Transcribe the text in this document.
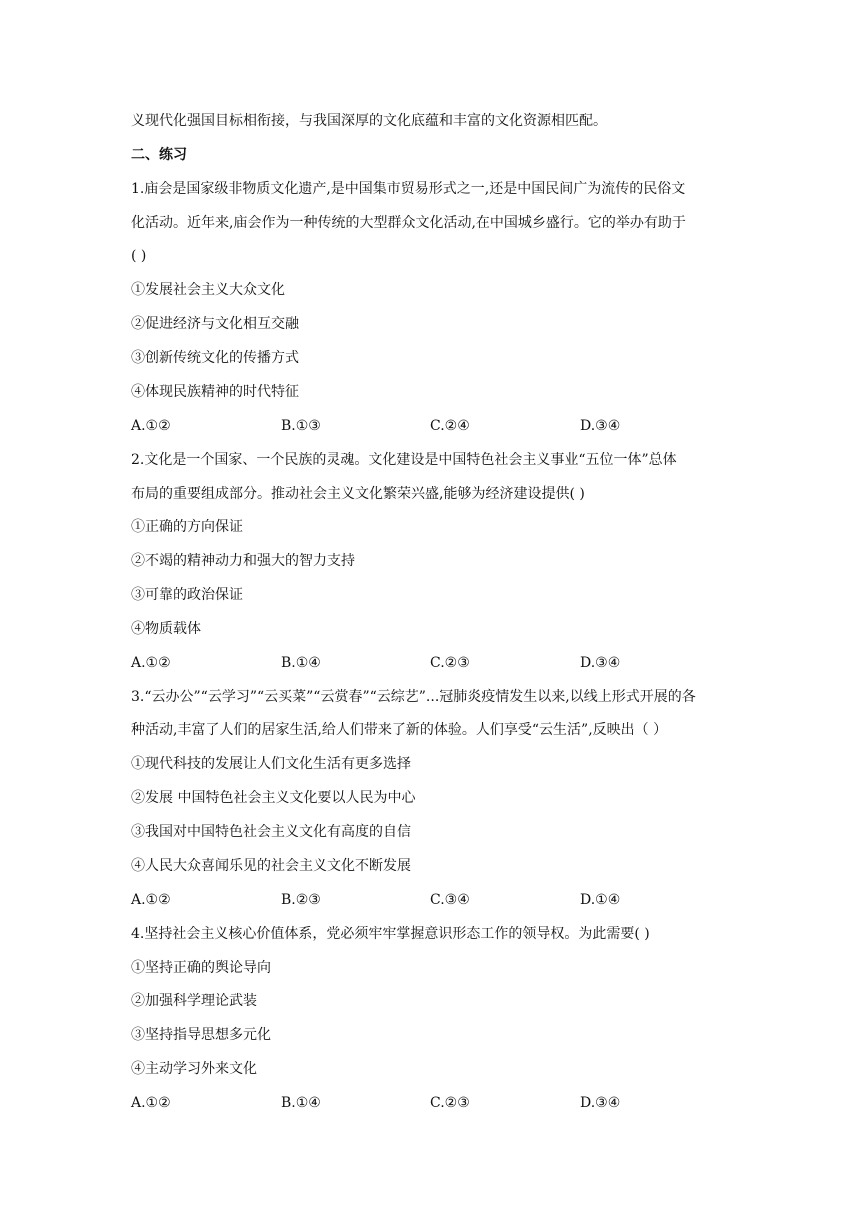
义现代化强国目标相衔接，与我国深厚的文化底蕴和丰富的文化资源相匹配。
二、练习
1.庙会是国家级非物质文化遗产,是中国集市贸易形式之一,还是中国民间广为流传的民俗文
化活动。近年来,庙会作为一种传统的大型群众文化活动,在中国城乡盛行。它的举办有助于
( )
①发展社会主义大众文化
②促进经济与文化相互交融
③创新传统文化的传播方式
④体现民族精神的时代特征
A.①②	B.①③	C.②④	D.③④
2.文化是一个国家、一个民族的灵魂。文化建设是中国特色社会主义事业“五位一体”总体
布局的重要组成部分。推动社会主义文化繁荣兴盛,能够为经济建设提供( )
①正确的方向保证
②不竭的精神动力和强大的智力支持
③可靠的政治保证
④物质载体
A.①②	B.①④	C.②③	D.③④
3.“云办公”“云学习”“云买菜”“云赏春”“云综艺”...冠肺炎疫情发生以来,以线上形式开展的各
种活动,丰富了人们的居家生活,给人们带来了新的体验。人们享受“云生活”,反映出（ ）
①现代科技的发展让人们文化生活有更多选择
②发展 中国特色社会主义文化要以人民为中心
③我国对中国特色社会主义文化有高度的自信
④人民大众喜闻乐见的社会主义文化不断发展
A.①②	B.②③	C.③④	D.①④
4.坚持社会主义核心价值体系，党必须牢牢掌握意识形态工作的领导权。为此需要( )
①坚持正确的舆论导向
②加强科学理论武装
③坚持指导思想多元化
④主动学习外来文化
A.①②	B.①④	C.②③	D.③④
